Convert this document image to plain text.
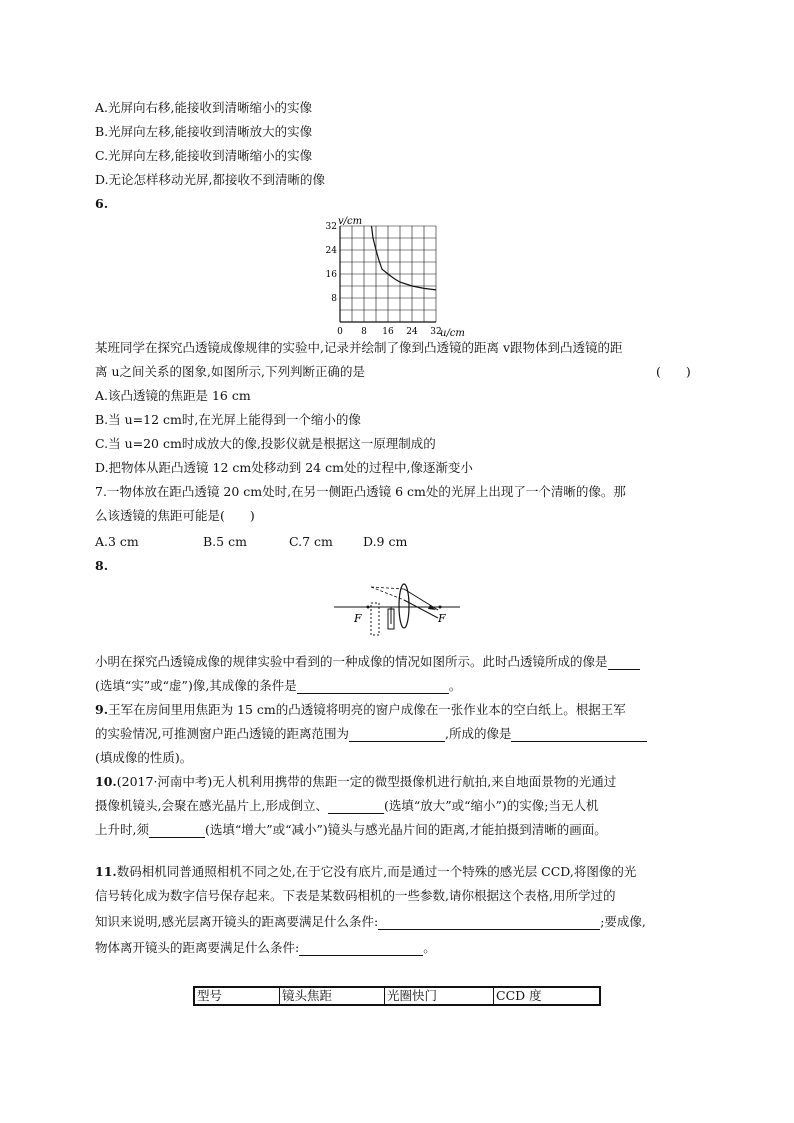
A.光屏向右移,能接收到清晰缩小的实像
B.光屏向左移,能接收到清晰放大的实像
C.光屏向左移,能接收到清晰缩小的实像
D.无论怎样移动光屏,都接收不到清晰的像
6.
v/cm
u/cm
0 8 16 24 32
8
16
24
32
某班同学在探究凸透镜成像规律的实验中,记录并绘制了像到凸透镜的距离 v跟物体到凸透镜的距
离 u之间关系的图象,如图所示,下列判断正确的是	(　　)
A.该凸透镜的焦距是 16 cm
B.当 u=12 cm时,在光屏上能得到一个缩小的像
C.当 u=20 cm时成放大的像,投影仪就是根据这一原理制成的
D.把物体从距凸透镜 12 cm处移动到 24 cm处的过程中,像逐渐变小
7.一物体放在距凸透镜 20 cm处时,在另一侧距凸透镜 6 cm处的光屏上出现了一个清晰的像。那
么该透镜的焦距可能是(　　)
A.3 cm	B.5 cm	C.7 cm D.9 cm
8.
F	F
小明在探究凸透镜成像的规律实验中看到的一种成像的情况如图所示。此时凸透镜所成的像是
(选填“实”或“虚”)像,其成像的条件是	。
9.王军在房间里用焦距为 15 cm的凸透镜将明亮的窗户成像在一张作业本的空白纸上。根据王军
的实验情况,可推测窗户距凸透镜的距离范围为	,所成的像是
(填成像的性质)。
10.(2017·河南中考)无人机利用携带的焦距一定的微型摄像机进行航拍,来自地面景物的光通过
摄像机镜头,会聚在感光晶片上,形成倒立、	(选填“放大”或“缩小”)的实像;当无人机
上升时,须	(选填“增大”或“减小”)镜头与感光晶片间的距离,才能拍摄到清晰的画面。
11.数码相机同普通照相机不同之处,在于它没有底片,而是通过一个特殊的感光层 CCD,将图像的光
信号转化成为数字信号保存起来。下表是某数码相机的一些参数,请你根据这个表格,用所学过的
知识来说明,感光层离开镜头的距离要满足什么条件:	;要成像,
物体离开镜头的距离要满足什么条件:	。
型号	镜头焦距	光圈快门	CCD 度
